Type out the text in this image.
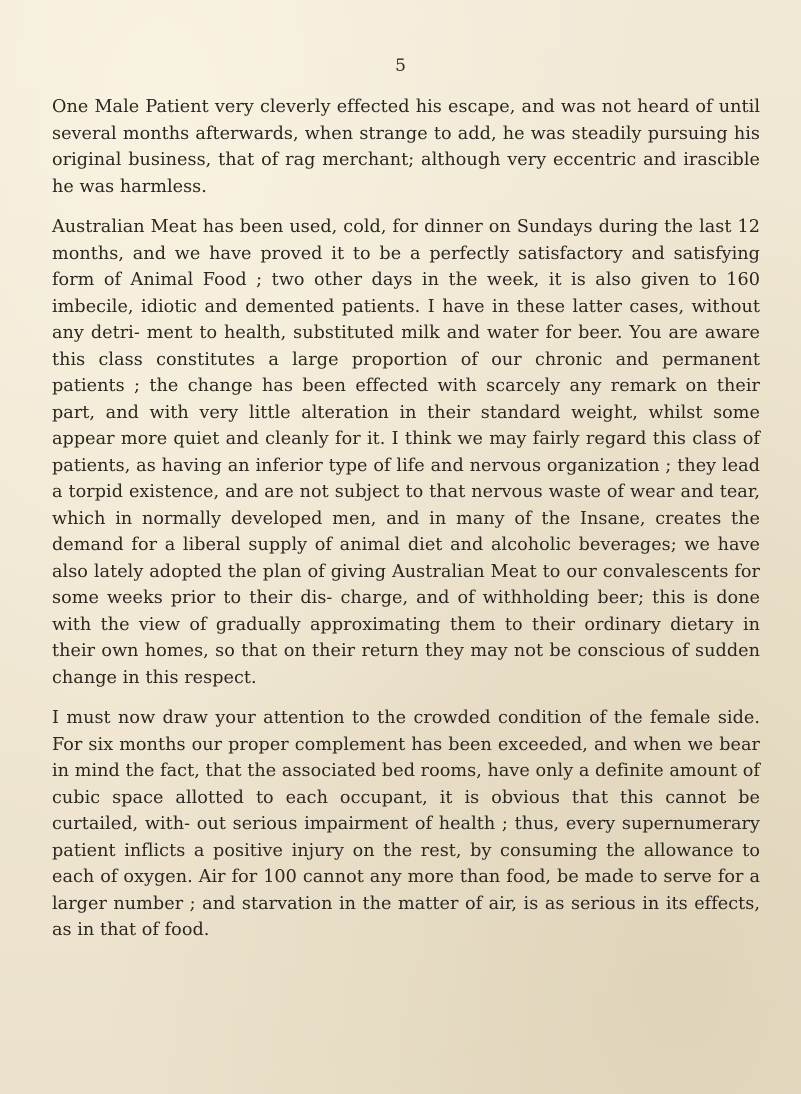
5

One Male Patient very cleverly effected his escape, and was not heard of until several months afterwards, when strange to add, he was steadily pursuing his original business, that of rag merchant; although very eccentric and irascible he was harmless.

Australian Meat has been used, cold, for dinner on Sundays during the last 12 months, and we have proved it to be a perfectly satisfactory and satisfying form of Animal Food ; two other days in the week, it is also given to 160 imbecile, idiotic and demented patients. I have in these latter cases, without any detri- ment to health, substituted milk and water for beer. You are aware this class constitutes a large proportion of our chronic and permanent patients ; the change has been effected with scarcely any remark on their part, and with very little alteration in their standard weight, whilst some appear more quiet and cleanly for it. I think we may fairly regard this class of patients, as having an inferior type of life and nervous organization ; they lead a torpid existence, and are not subject to that nervous waste of wear and tear, which in normally developed men, and in many of the Insane, creates the demand for a liberal supply of animal diet and alcoholic beverages; we have also lately adopted the plan of giving Australian Meat to our convalescents for some weeks prior to their dis- charge, and of withholding beer; this is done with the view of gradually approximating them to their ordinary dietary in their own homes, so that on their return they may not be conscious of sudden change in this respect.

I must now draw your attention to the crowded condition of the female side. For six months our proper complement has been exceeded, and when we bear in mind the fact, that the associated bed rooms, have only a definite amount of cubic space allotted to each occupant, it is obvious that this cannot be curtailed, with- out serious impairment of health ; thus, every supernumerary patient inflicts a positive injury on the rest, by consuming the allowance to each of oxygen. Air for 100 cannot any more than food, be made to serve for a larger number ; and starvation in the matter of air, is as serious in its effects, as in that of food.
